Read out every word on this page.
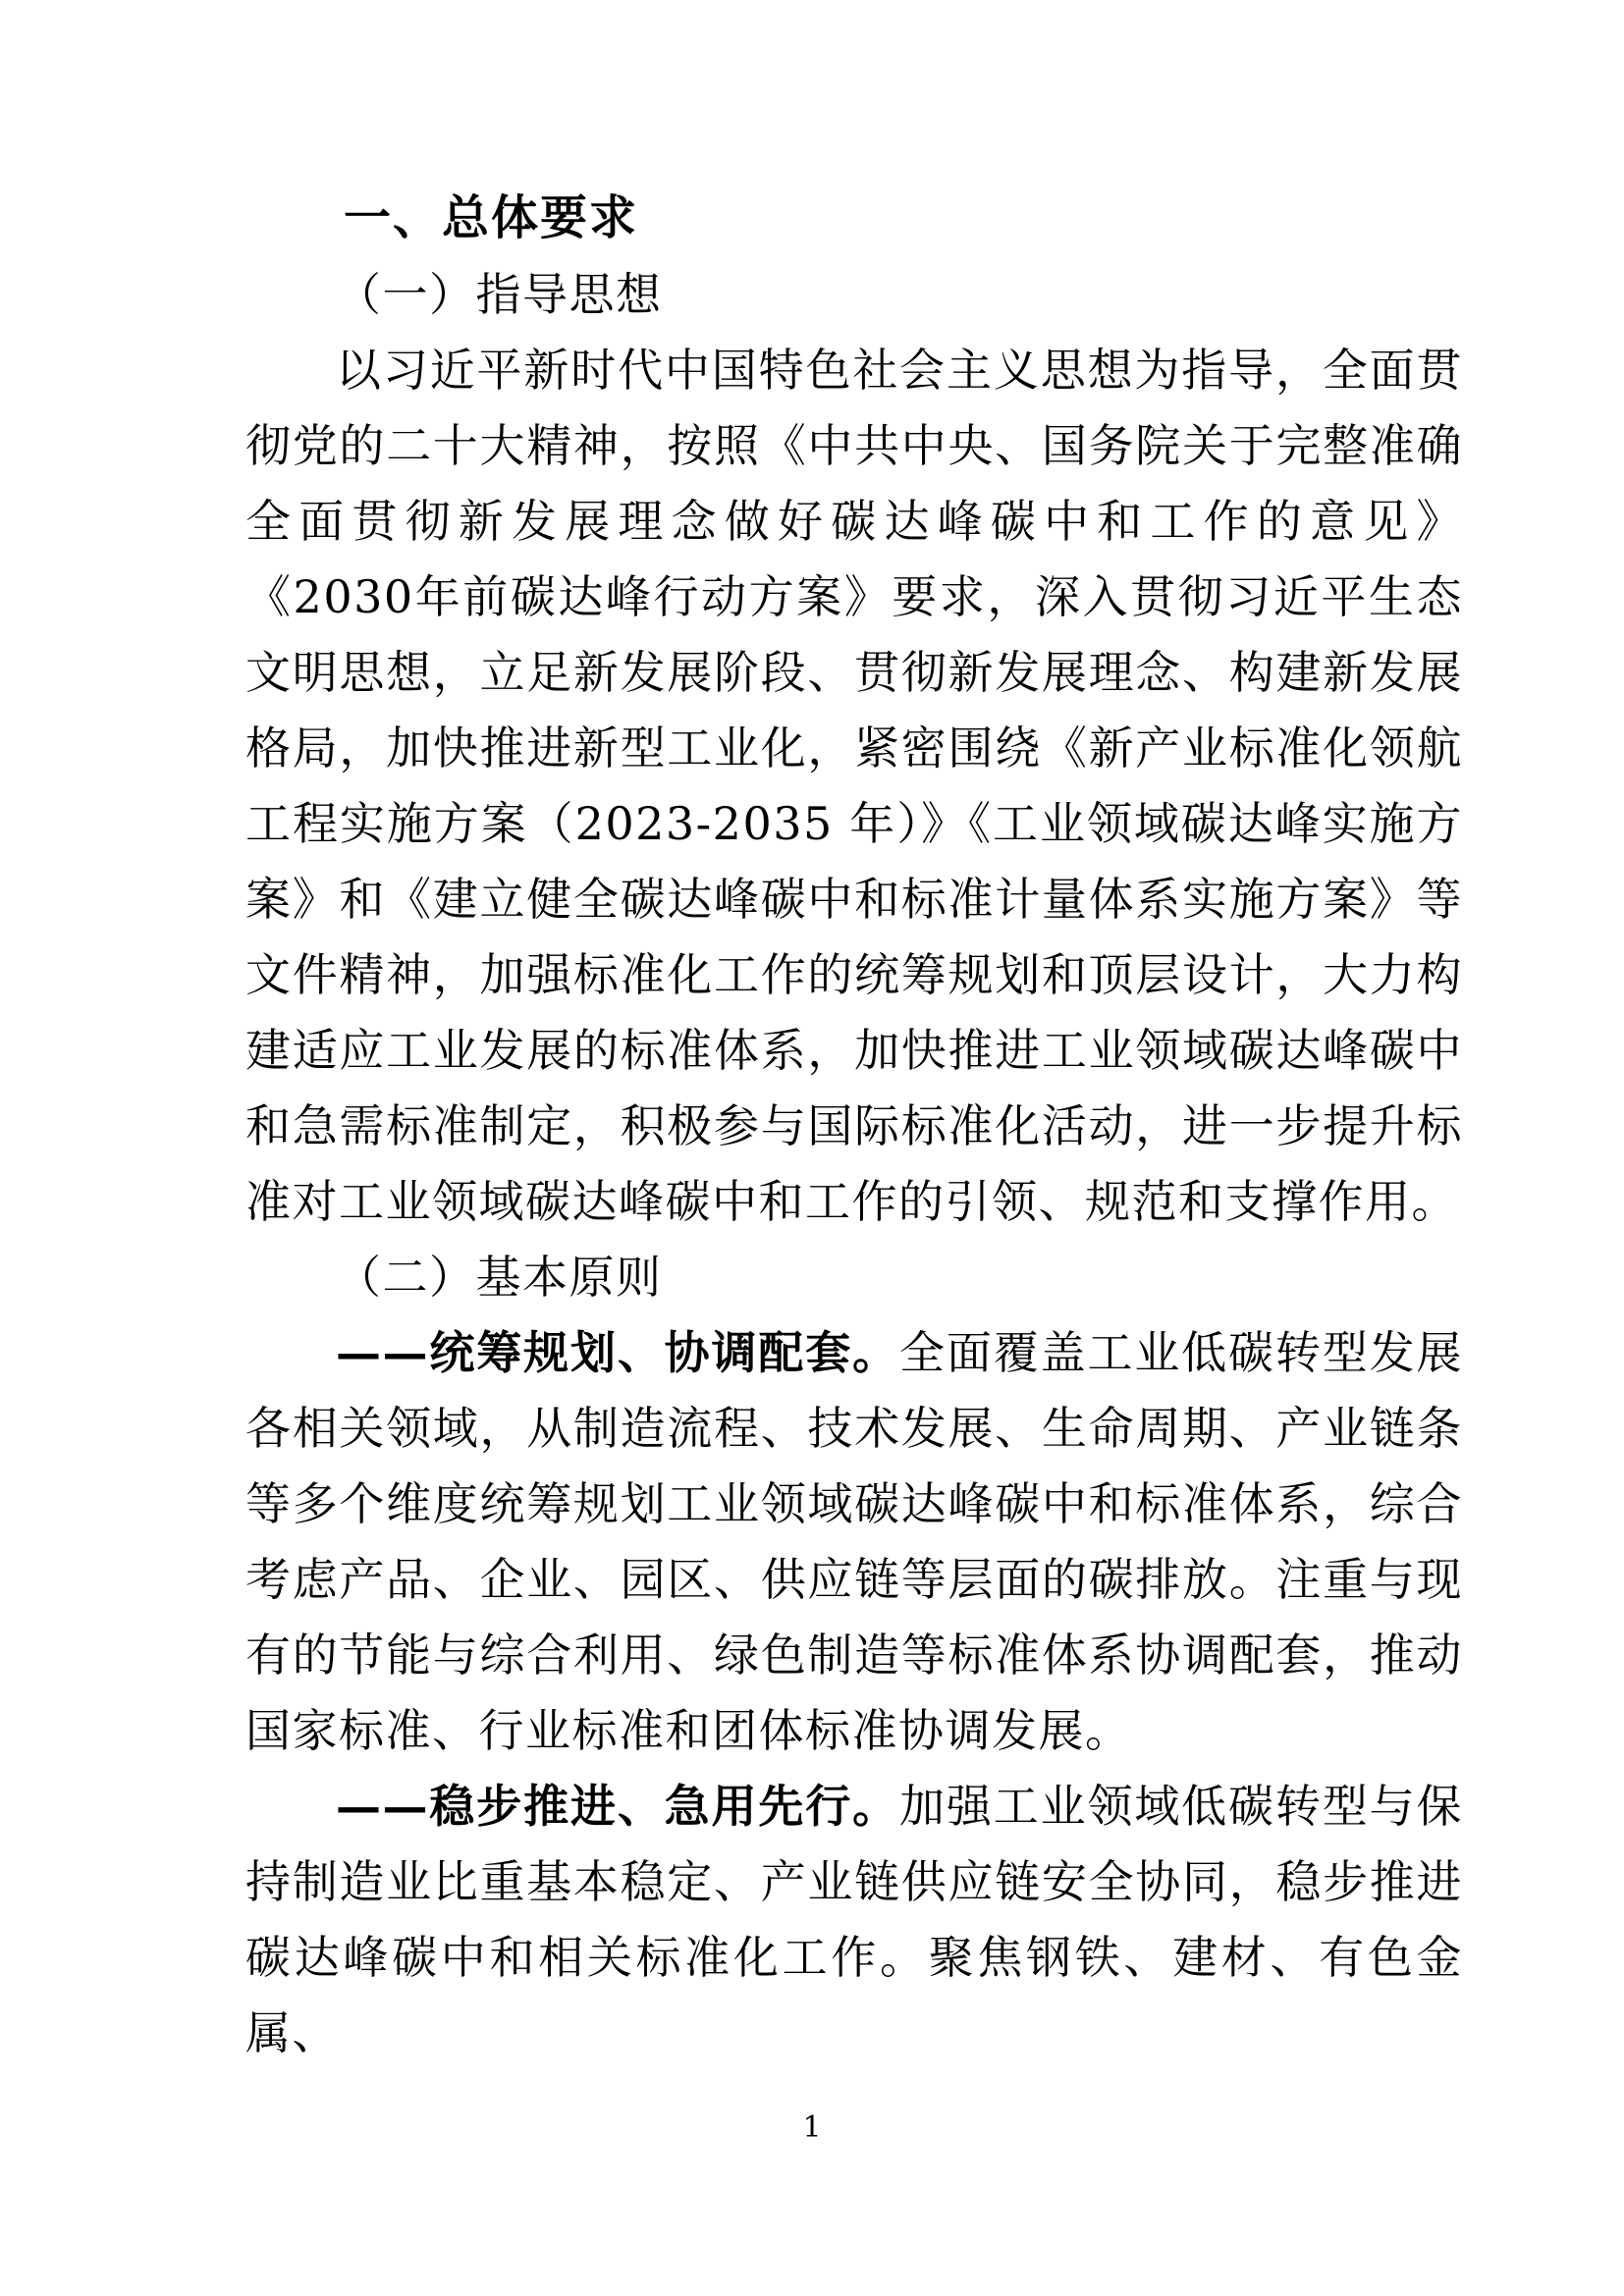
一、总体要求
（一）指导思想

以习近平新时代中国特色社会主义思想为指导，全面贯彻党的二十大精神，按照《中共中央、国务院关于完整准确全面贯彻新发展理念做好碳达峰碳中和工作的意见》《2030年前碳达峰行动方案》要求，深入贯彻习近平生态文明思想，立足新发展阶段、贯彻新发展理念、构建新发展格局，加快推进新型工业化，紧密围绕《新产业标准化领航工程实施方案（2023-2035 年）》《工业领域碳达峰实施方案》和《建立健全碳达峰碳中和标准计量体系实施方案》等文件精神，加强标准化工作的统筹规划和顶层设计，大力构建适应工业发展的标准体系，加快推进工业领域碳达峰碳中和急需标准制定，积极参与国际标准化活动，进一步提升标准对工业领域碳达峰碳中和工作的引领、规范和支撑作用。

（二）基本原则

——统筹规划、协调配套。全面覆盖工业低碳转型发展各相关领域，从制造流程、技术发展、生命周期、产业链条等多个维度统筹规划工业领域碳达峰碳中和标准体系，综合考虑产品、企业、园区、供应链等层面的碳排放。注重与现有的节能与综合利用、绿色制造等标准体系协调配套，推动国家标准、行业标准和团体标准协调发展。

——稳步推进、急用先行。加强工业领域低碳转型与保持制造业比重基本稳定、产业链供应链安全协同，稳步推进碳达峰碳中和相关标准化工作。聚焦钢铁、建材、有色金属、

1
